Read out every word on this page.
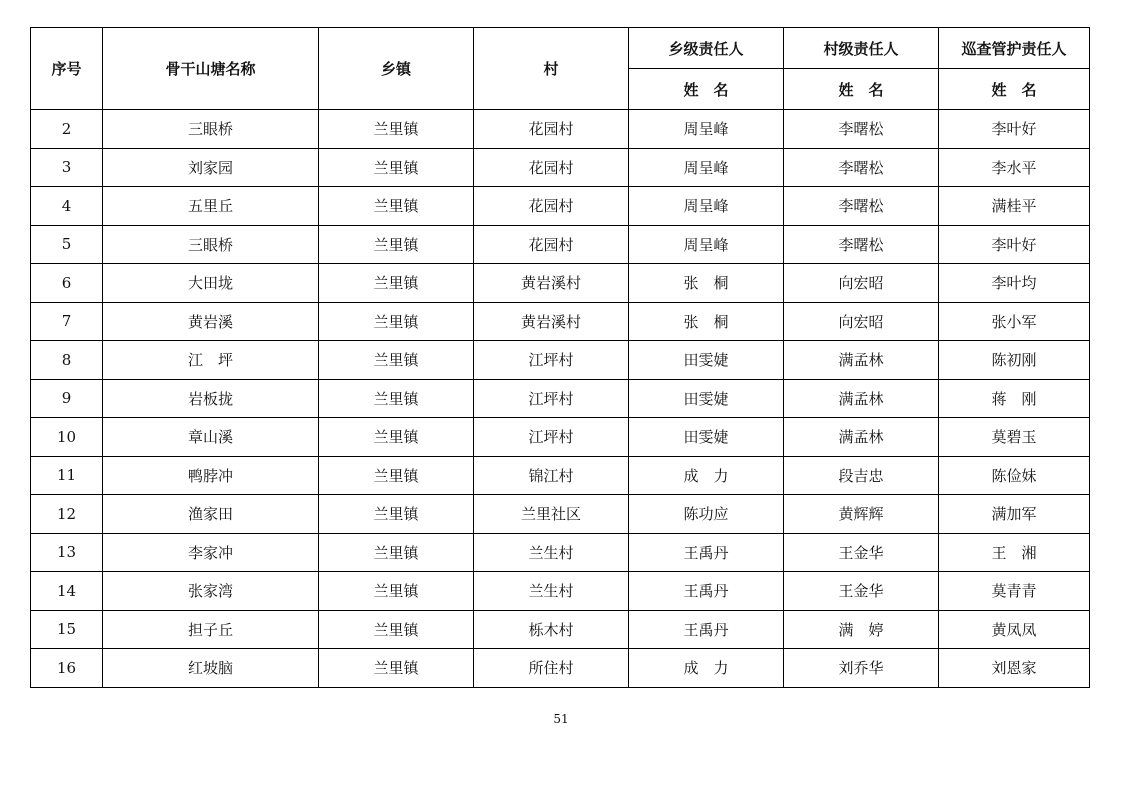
序号	骨干山塘名称	乡镇	村	乡级责任人	村级责任人	巡查管护责任人
				姓　名	姓　名	姓　名
2	三眼桥	兰里镇	花园村	周呈峰	李曙松	李叶好
3	刘家园	兰里镇	花园村	周呈峰	李曙松	李水平
4	五里丘	兰里镇	花园村	周呈峰	李曙松	满桂平
5	三眼桥	兰里镇	花园村	周呈峰	李曙松	李叶好
6	大田垅	兰里镇	黄岩溪村	张　桐	向宏昭	李叶均
7	黄岩溪	兰里镇	黄岩溪村	张　桐	向宏昭	张小军
8	江　坪	兰里镇	江坪村	田雯婕	满孟林	陈初刚
9	岩板拢	兰里镇	江坪村	田雯婕	满孟林	蒋　刚
10	章山溪	兰里镇	江坪村	田雯婕	满孟林	莫碧玉
11	鸭脖冲	兰里镇	锦江村	成　力	段吉忠	陈俭妹
12	渔家田	兰里镇	兰里社区	陈功应	黄辉辉	满加军
13	李家冲	兰里镇	兰生村	王禹丹	王金华	王　湘
14	张家湾	兰里镇	兰生村	王禹丹	王金华	莫青青
15	担子丘	兰里镇	栎木村	王禹丹	满　婷	黄凤凤
16	红坡脑	兰里镇	所住村	成　力	刘乔华	刘恩家
51
